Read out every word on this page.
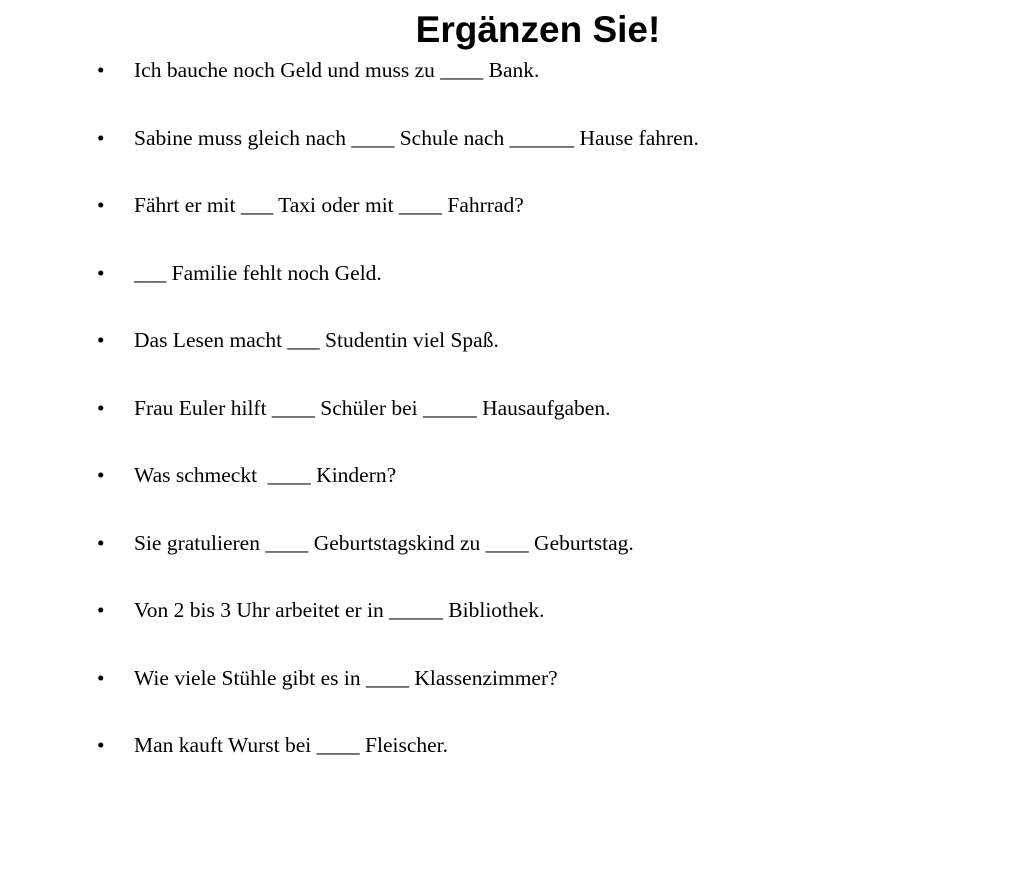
Ergänzen Sie!

•

Ich bauche noch Geld und muss zu ____ Bank.

•

Sabine muss gleich nach ____ Schule nach ______ Hause fahren.

•

Fährt er mit ___ Taxi oder mit ____ Fahrrad?

•

___ Familie fehlt noch Geld.

•

Das Lesen macht ___ Studentin viel Spaß.

•

Frau Euler hilft ____ Schüler bei _____ Hausaufgaben.

•

Was schmeckt  ____ Kindern?

•

Sie gratulieren ____ Geburtstagskind zu ____ Geburtstag.

•

Von 2 bis 3 Uhr arbeitet er in _____ Bibliothek.

•

Wie viele Stühle gibt es in ____ Klassenzimmer?

•

Man kauft Wurst bei ____ Fleischer.
